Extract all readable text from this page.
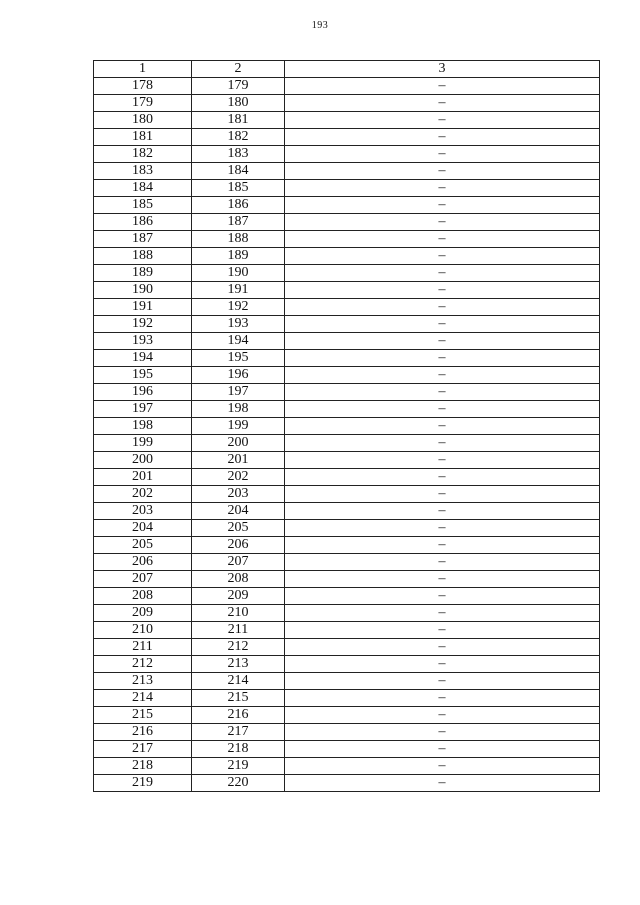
193
1	2	3
178	179	–
179	180	–
180	181	–
181	182	–
182	183	–
183	184	–
184	185	–
185	186	–
186	187	–
187	188	–
188	189	–
189	190	–
190	191	–
191	192	–
192	193	–
193	194	–
194	195	–
195	196	–
196	197	–
197	198	–
198	199	–
199	200	–
200	201	–
201	202	–
202	203	–
203	204	–
204	205	–
205	206	–
206	207	–
207	208	–
208	209	–
209	210	–
210	211	–
211	212	–
212	213	–
213	214	–
214	215	–
215	216	–
216	217	–
217	218	–
218	219	–
219	220	–
